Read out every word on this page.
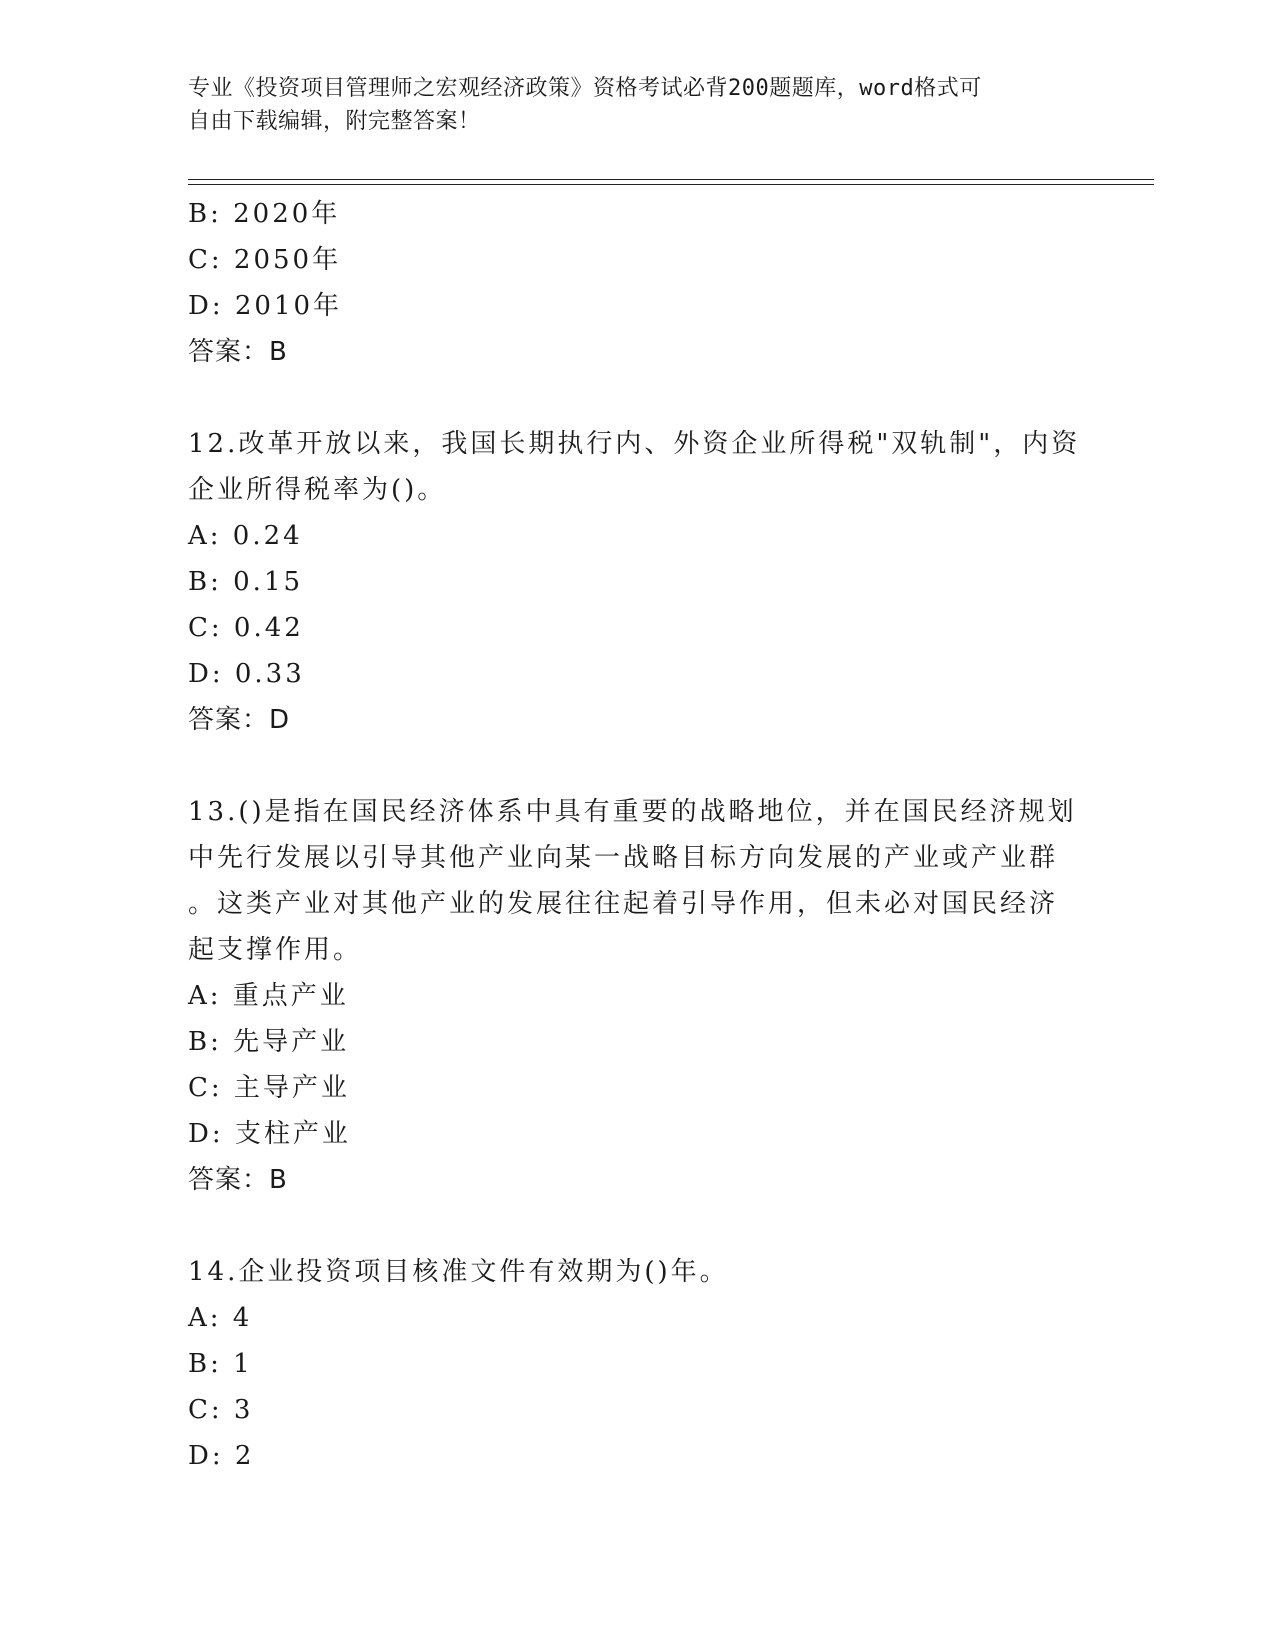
专业《投资项目管理师之宏观经济政策》资格考试必背200题题库，word格式可
自由下载编辑，附完整答案！
B: 2020年
C: 2050年
D: 2010年
答案：B
12.改革开放以来，我国长期执行内、外资企业所得税"双轨制"，内资
企业所得税率为()。
A: 0.24
B: 0.15
C: 0.42
D: 0.33
答案：D
13.()是指在国民经济体系中具有重要的战略地位，并在国民经济规划
中先行发展以引导其他产业向某一战略目标方向发展的产业或产业群
。这类产业对其他产业的发展往往起着引导作用，但未必对国民经济
起支撑作用。
A: 重点产业
B: 先导产业
C: 主导产业
D: 支柱产业
答案：B
14.企业投资项目核准文件有效期为()年。
A: 4
B: 1
C: 3
D: 2
